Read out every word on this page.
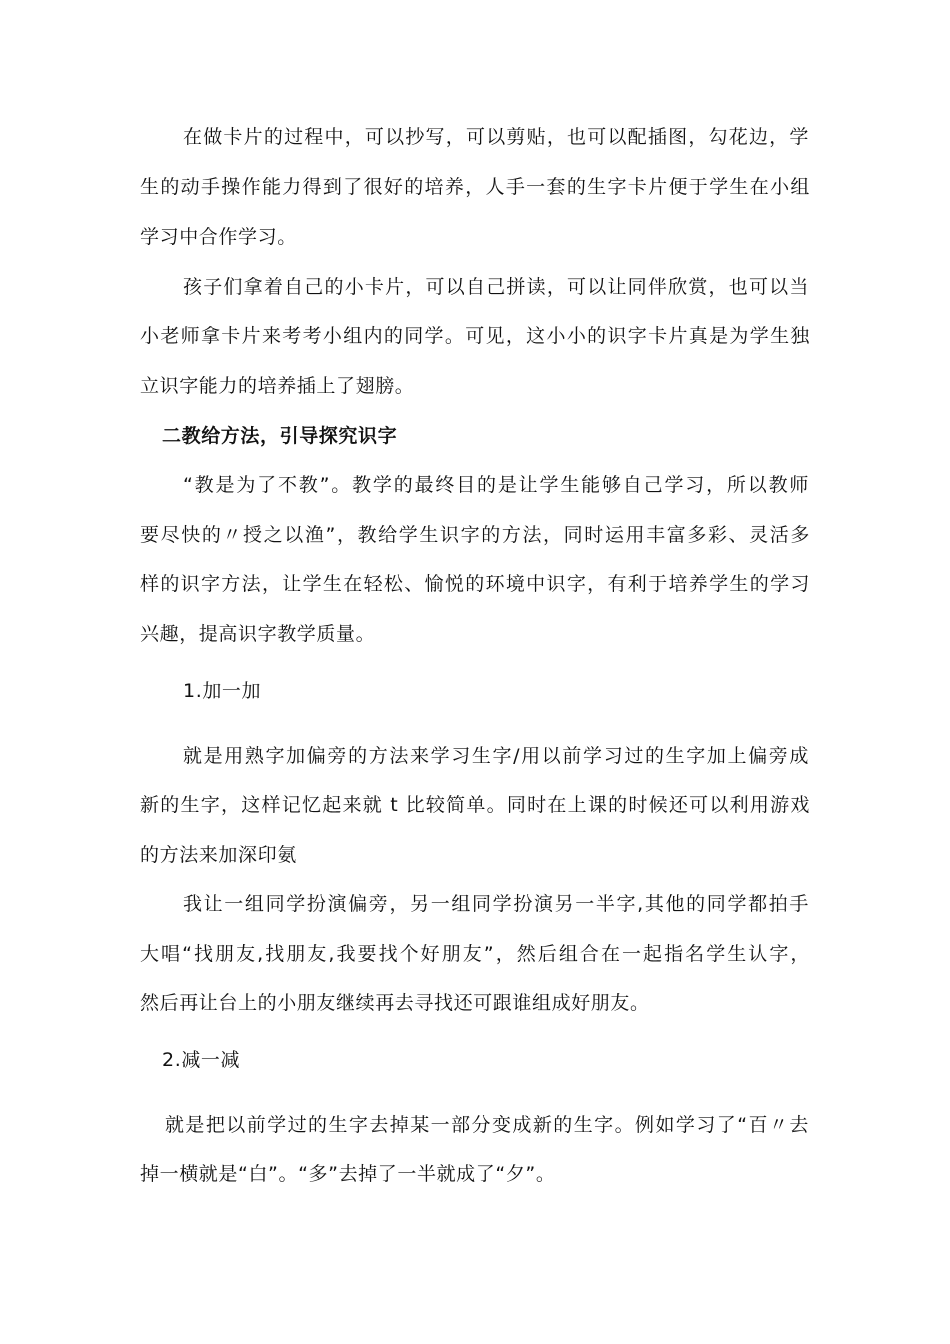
在做卡片的过程中，可以抄写，可以剪贴，也可以配插图，勾花边，学
生的动手操作能力得到了很好的培养，人手一套的生字卡片便于学生在小组
学习中合作学习。
孩子们拿着自己的小卡片，可以自己拼读，可以让同伴欣赏，也可以当
小老师拿卡片来考考小组内的同学。可见，这小小的识字卡片真是为学生独
立识字能力的培养插上了翅膀。
二教给方法，引导探究识字
“教是为了不教”。教学的最终目的是让学生能够自己学习，所以教师
要尽快的〃授之以渔”，教给学生识字的方法，同时运用丰富多彩、灵活多
样的识字方法，让学生在轻松、愉悦的环境中识字，有利于培养学生的学习
兴趣，提高识字教学质量。
1.加一加
就是用熟字加偏旁的方法来学习生字/用以前学习过的生字加上偏旁成
新的生字，这样记忆起来就 t 比较简单。同时在上课的时候还可以利用游戏
的方法来加深印氨
我让一组同学扮演偏旁，另一组同学扮演另一半字,其他的同学都拍手
大唱“找朋友,找朋友,我要找个好朋友”，然后组合在一起指名学生认字，
然后再让台上的小朋友继续再去寻找还可跟谁组成好朋友。
2.减一减
就是把以前学过的生字去掉某一部分变成新的生字。例如学习了“百〃去
掉一横就是“白”。“多”去掉了一半就成了“夕”。
